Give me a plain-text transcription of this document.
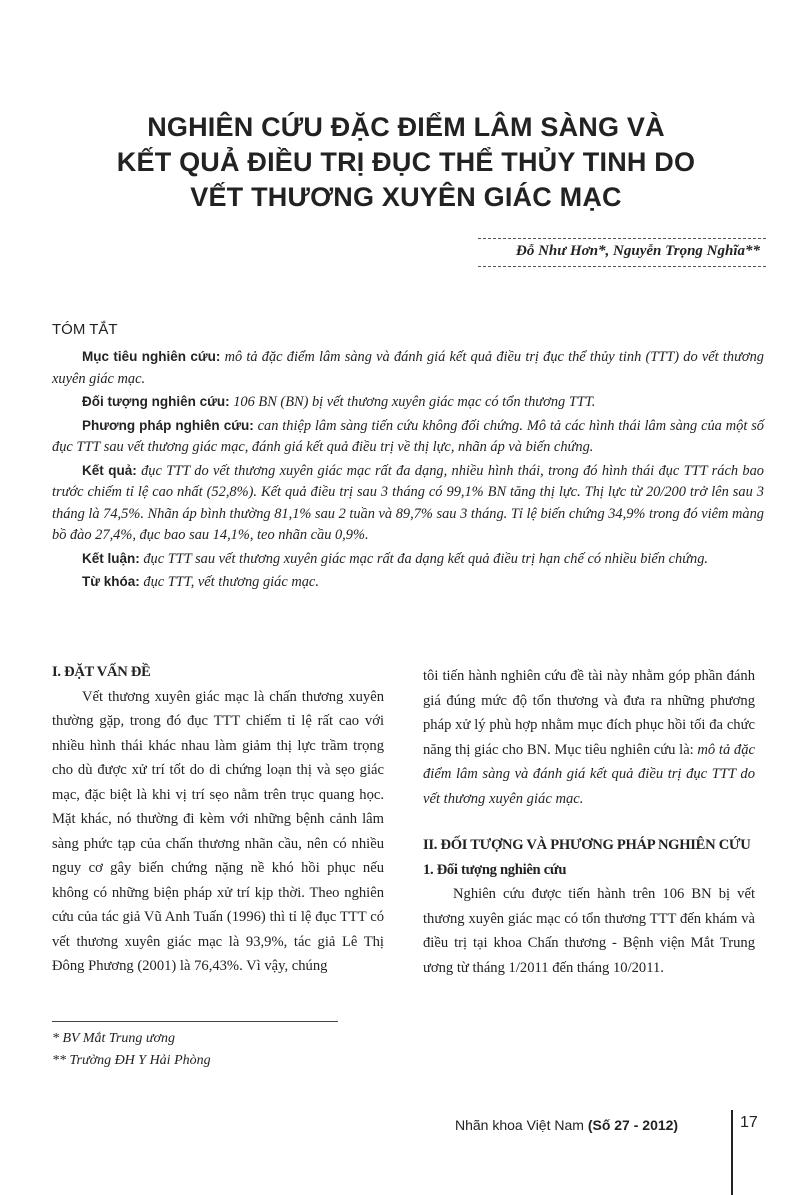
NGHIÊN CỨU ĐẶC ĐIỂM LÂM SÀNG VÀ
KẾT QUẢ ĐIỀU TRỊ ĐỤC THỂ THỦY TINH DO
VẾT THƯƠNG XUYÊN GIÁC MẠC
Đỗ Như Hơn*, Nguyễn Trọng Nghĩa**
TÓM TẮT

Mục tiêu nghiên cứu: mô tả đặc điểm lâm sàng và đánh giá kết quả điều trị đục thể thủy tinh (TTT) do vết thương xuyên giác mạc.

Đối tượng nghiên cứu: 106 BN (BN) bị vết thương xuyên giác mạc có tổn thương TTT.

Phương pháp nghiên cứu: can thiệp lâm sàng tiến cứu không đối chứng. Mô tả các hình thái lâm sàng của một số đục TTT sau vết thương giác mạc, đánh giá kết quả điều trị về thị lực, nhãn áp và biến chứng.

Kết quả: đục TTT do vết thương xuyên giác mạc rất đa dạng, nhiều hình thái, trong đó hình thái đục TTT rách bao trước chiếm tỉ lệ cao nhất (52,8%). Kết quả điều trị sau 3 tháng có 99,1% BN tăng thị lực. Thị lực từ 20/200 trở lên sau 3 tháng là 74,5%. Nhãn áp bình thường 81,1% sau 2 tuần và 89,7% sau 3 tháng. Tỉ lệ biến chứng 34,9% trong đó viêm màng bồ đào 27,4%, đục bao sau 14,1%, teo nhãn cầu 0,9%.

Kết luận: đục TTT sau vết thương xuyên giác mạc rất đa dạng kết quả điều trị hạn chế có nhiều biến chứng.

Từ khóa: đục TTT, vết thương giác mạc.

I. ĐẶT VẤN ĐỀ

Vết thương xuyên giác mạc là chấn thương xuyên thường gặp, trong đó đục TTT chiếm tỉ lệ rất cao với nhiều hình thái khác nhau làm giảm thị lực trầm trọng cho dù được xử trí tốt do di chứng loạn thị và sẹo giác mạc, đặc biệt là khi vị trí sẹo nằm trên trục quang học. Mặt khác, nó thường đi kèm với những bệnh cảnh lâm sàng phức tạp của chấn thương nhãn cầu, nên có nhiều nguy cơ gây biến chứng nặng nề khó hồi phục nếu không có những biện pháp xử trí kịp thời. Theo nghiên cứu của tác giả Vũ Anh Tuấn (1996) thì tỉ lệ đục TTT có vết thương xuyên giác mạc là 93,9%, tác giả Lê Thị Đông Phương (2001) là 76,43%. Vì vậy, chúng

tôi tiến hành nghiên cứu đề tài này nhằm góp phần đánh giá đúng mức độ tổn thương và đưa ra những phương pháp xử lý phù hợp nhằm mục đích phục hồi tối đa chức năng thị giác cho BN. Mục tiêu nghiên cứu là: mô tả đặc điểm lâm sàng và đánh giá kết quả điều trị đục TTT do vết thương xuyên giác mạc.

II. ĐỐI TƯỢNG VÀ PHƯƠNG PHÁP NGHIÊN CỨU
1. Đối tượng nghiên cứu

Nghiên cứu được tiến hành trên 106 BN bị vết thương xuyên giác mạc có tổn thương TTT đến khám và điều trị tại khoa Chấn thương - Bệnh viện Mắt Trung ương từ tháng 1/2011 đến tháng 10/2011.

* BV Mắt Trung ương
** Trường ĐH Y Hải Phòng
Nhãn khoa Việt Nam (Số 27 - 2012)	17
